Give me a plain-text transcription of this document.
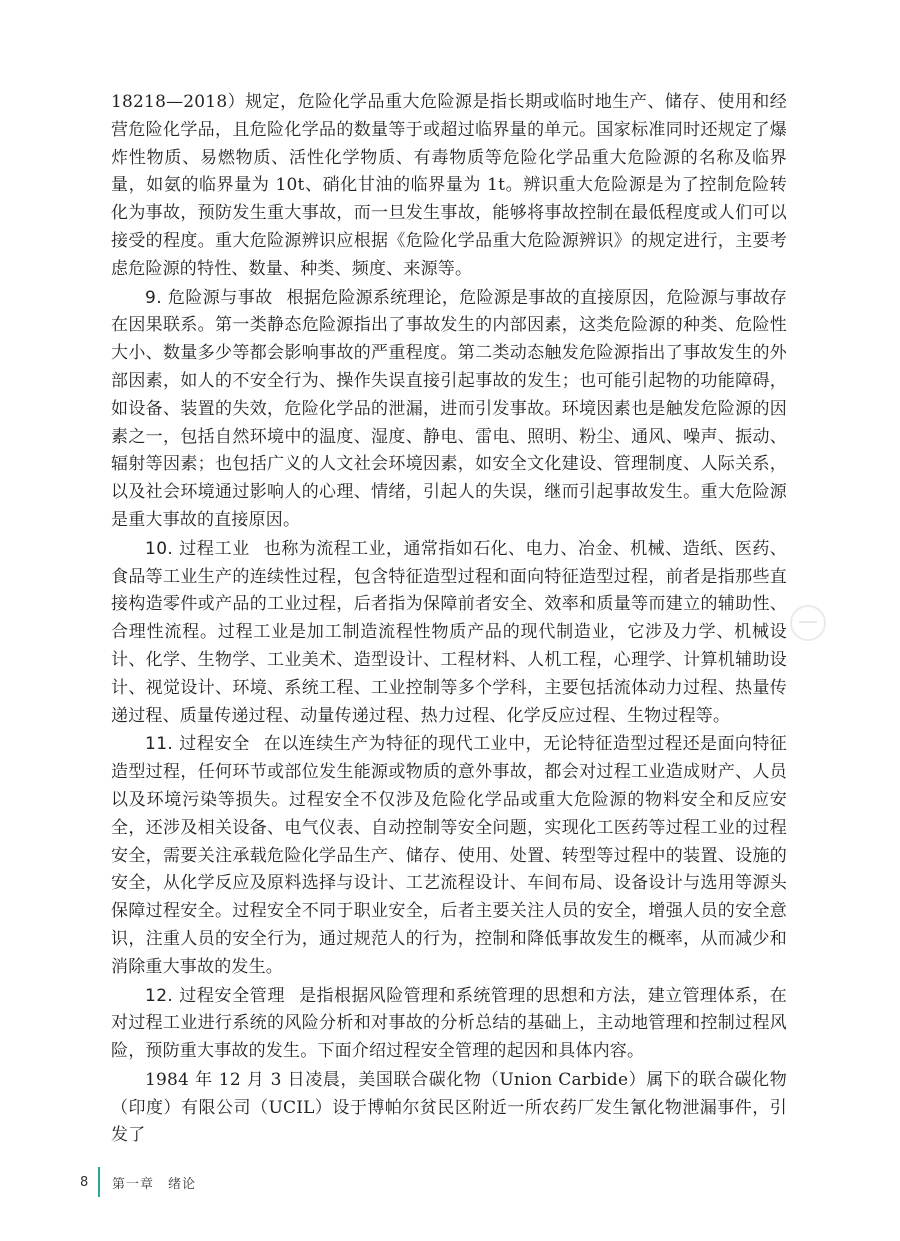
18218—2018）规定，危险化学品重大危险源是指长期或临时地生产、储存、使用和经营危险化学品，且危险化学品的数量等于或超过临界量的单元。国家标准同时还规定了爆炸性物质、易燃物质、活性化学物质、有毒物质等危险化学品重大危险源的名称及临界量，如氨的临界量为 10t、硝化甘油的临界量为 1t。辨识重大危险源是为了控制危险转化为事故，预防发生重大事故，而一旦发生事故，能够将事故控制在最低程度或人们可以接受的程度。重大危险源辨识应根据《危险化学品重大危险源辨识》的规定进行，主要考虑危险源的特性、数量、种类、频度、来源等。

9. 危险源与事故 根据危险源系统理论，危险源是事故的直接原因，危险源与事故存在因果联系。第一类静态危险源指出了事故发生的内部因素，这类危险源的种类、危险性大小、数量多少等都会影响事故的严重程度。第二类动态触发危险源指出了事故发生的外部因素，如人的不安全行为、操作失误直接引起事故的发生；也可能引起物的功能障碍，如设备、装置的失效，危险化学品的泄漏，进而引发事故。环境因素也是触发危险源的因素之一，包括自然环境中的温度、湿度、静电、雷电、照明、粉尘、通风、噪声、振动、辐射等因素；也包括广义的人文社会环境因素，如安全文化建设、管理制度、人际关系，以及社会环境通过影响人的心理、情绪，引起人的失误，继而引起事故发生。重大危险源是重大事故的直接原因。

10. 过程工业 也称为流程工业，通常指如石化、电力、冶金、机械、造纸、医药、食品等工业生产的连续性过程，包含特征造型过程和面向特征造型过程，前者是指那些直接构造零件或产品的工业过程，后者指为保障前者安全、效率和质量等而建立的辅助性、合理性流程。过程工业是加工制造流程性物质产品的现代制造业，它涉及力学、机械设计、化学、生物学、工业美术、造型设计、工程材料、人机工程，心理学、计算机辅助设计、视觉设计、环境、系统工程、工业控制等多个学科，主要包括流体动力过程、热量传递过程、质量传递过程、动量传递过程、热力过程、化学反应过程、生物过程等。

11. 过程安全 在以连续生产为特征的现代工业中，无论特征造型过程还是面向特征造型过程，任何环节或部位发生能源或物质的意外事故，都会对过程工业造成财产、人员以及环境污染等损失。过程安全不仅涉及危险化学品或重大危险源的物料安全和反应安全，还涉及相关设备、电气仪表、自动控制等安全问题，实现化工医药等过程工业的过程安全，需要关注承载危险化学品生产、储存、使用、处置、转型等过程中的装置、设施的安全，从化学反应及原料选择与设计、工艺流程设计、车间布局、设备设计与选用等源头保障过程安全。过程安全不同于职业安全，后者主要关注人员的安全，增强人员的安全意识，注重人员的安全行为，通过规范人的行为，控制和降低事故发生的概率，从而减少和消除重大事故的发生。

12. 过程安全管理 是指根据风险管理和系统管理的思想和方法，建立管理体系，在对过程工业进行系统的风险分析和对事故的分析总结的基础上，主动地管理和控制过程风险，预防重大事故的发生。下面介绍过程安全管理的起因和具体内容。

1984 年 12 月 3 日凌晨，美国联合碳化物（Union Carbide）属下的联合碳化物（印度）有限公司（UCIL）设于博帕尔贫民区附近一所农药厂发生氰化物泄漏事件，引发了

8	第一章　绪论
